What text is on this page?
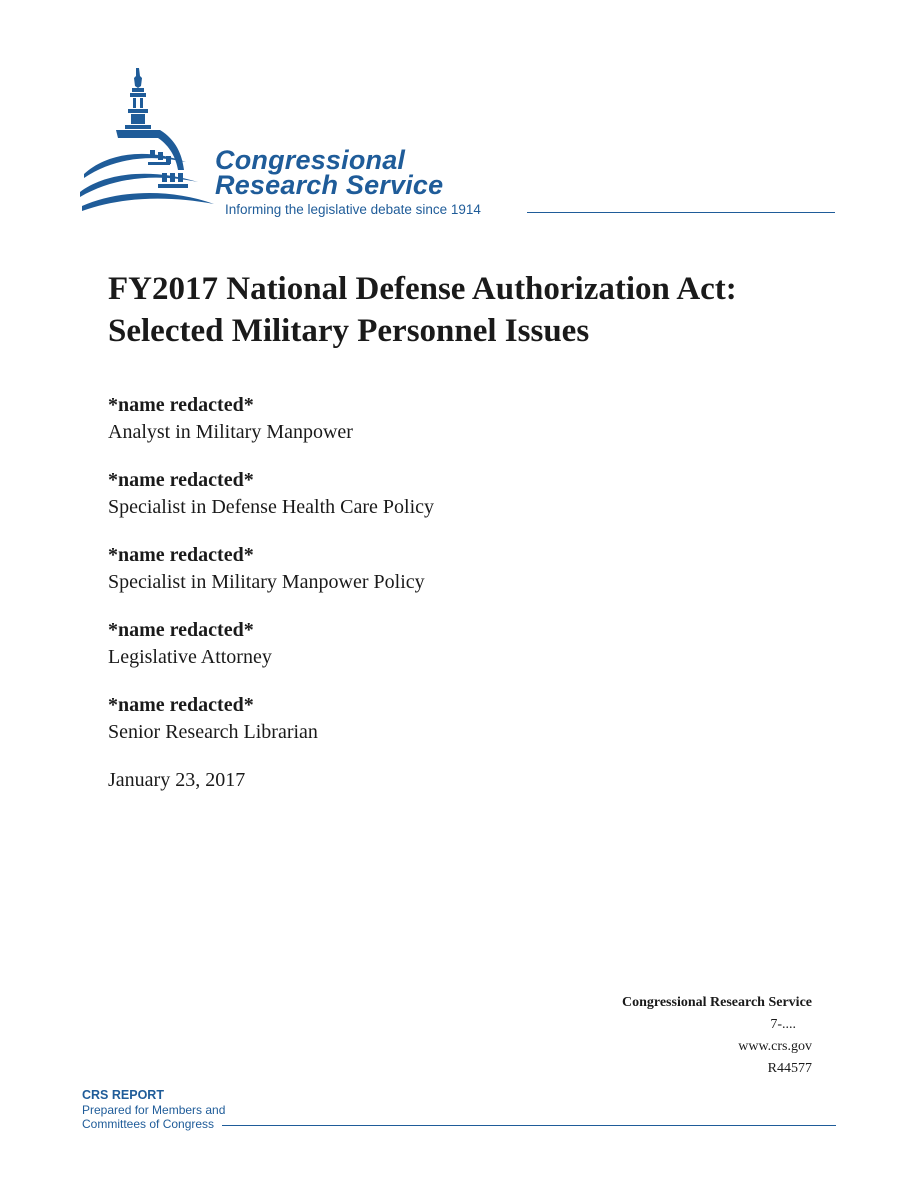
Congressional
Research Service
Informing the legislative debate since 1914
FY2017 National Defense Authorization Act:
Selected Military Personnel Issues
*name redacted*
Analyst in Military Manpower
*name redacted*
Specialist in Defense Health Care Policy
*name redacted*
Specialist in Military Manpower Policy
*name redacted*
Legislative Attorney
*name redacted*
Senior Research Librarian
January 23, 2017
Congressional Research Service
7-....
www.crs.gov
R44577
CRS REPORT
Prepared for Members and
Committees of Congress
